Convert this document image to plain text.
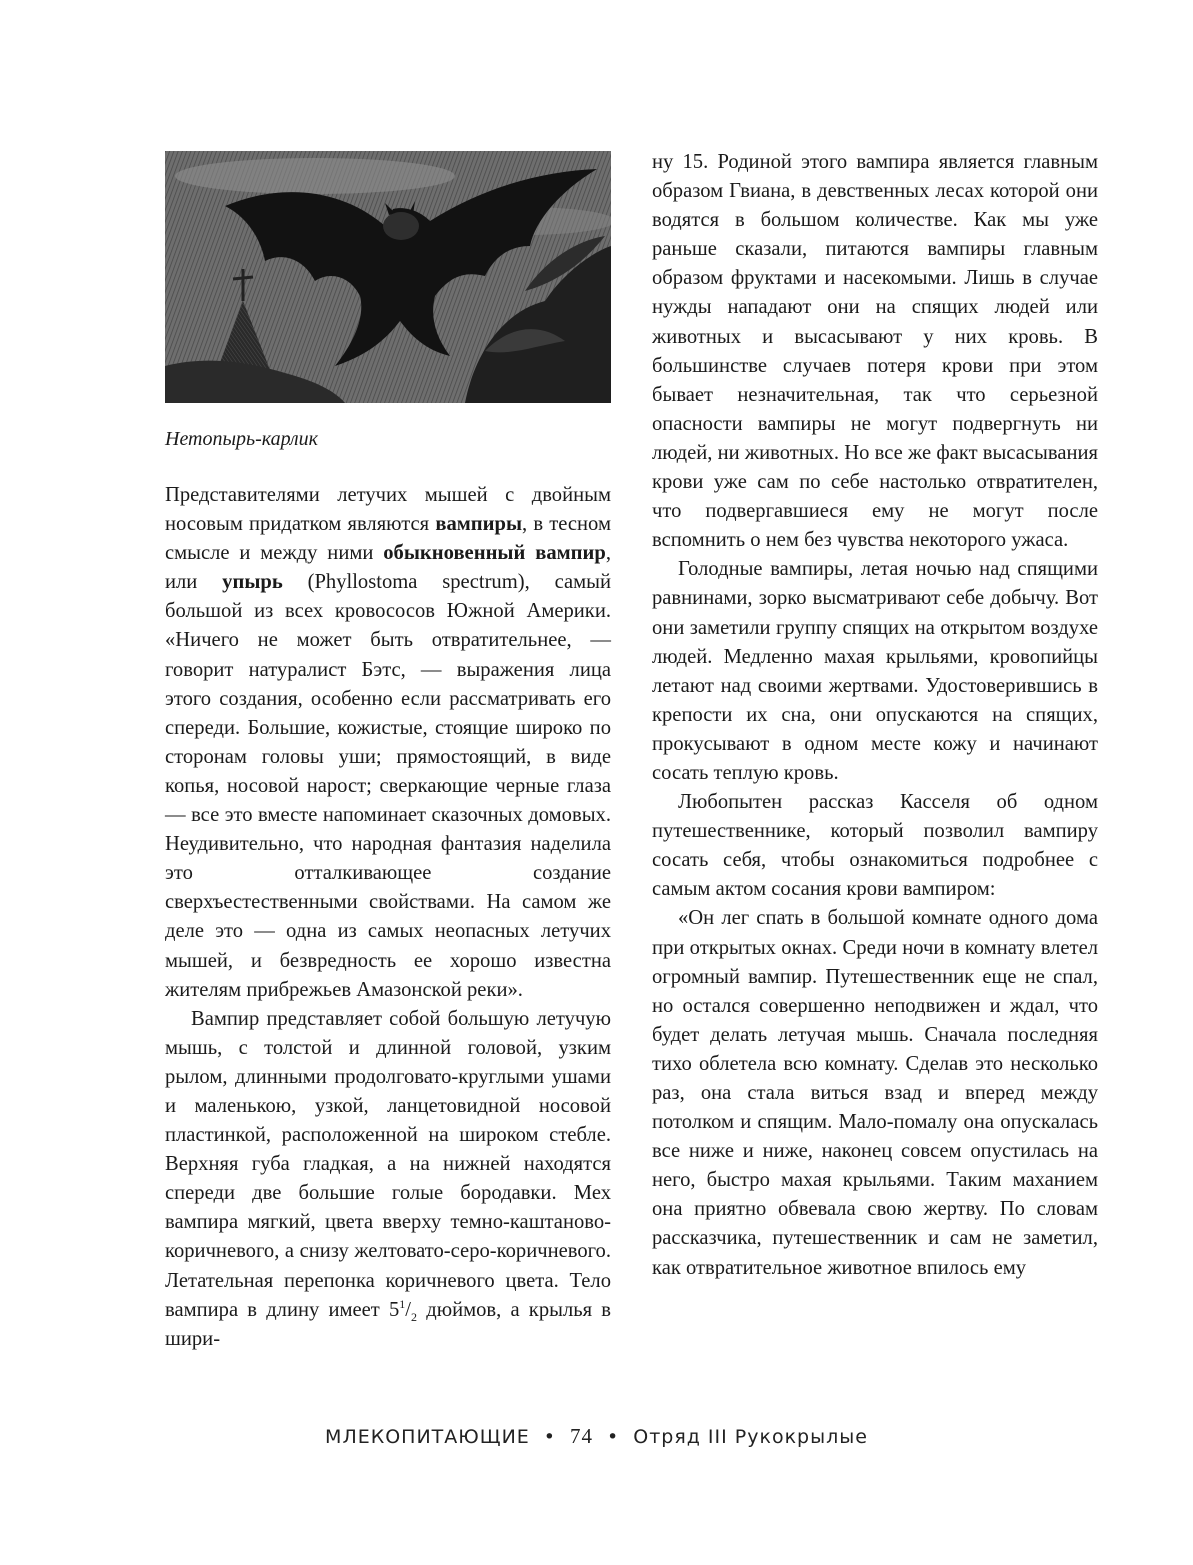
Нетопырь-карлик

Представителями летучих мышей с двойным носовым придатком являются вампиры, в тесном смысле и между ними обыкновенный вампир, или упырь (Phyllostoma spectrum), самый большой из всех кровососов Южной Америки. «Ничего не может быть отвратительнее, — говорит натуралист Бэтс, — выражения лица этого создания, особенно если рассматривать его спереди. Большие, кожистые, стоящие широко по сторонам головы уши; прямостоящий, в виде копья, носовой нарост; сверкающие черные глаза — все это вместе напоминает сказочных домовых. Неудивительно, что народная фантазия наделила это отталкивающее создание сверхъестественными свойствами. На самом же деле это — одна из самых неопасных летучих мышей, и безвредность ее хорошо известна жителям прибрежьев Амазонской реки».

Вампир представляет собой большую летучую мышь, с толстой и длинной головой, узким рылом, длинными продолговато-круглыми ушами и маленькою, узкой, ланцетовидной носовой пластинкой, расположенной на широком стебле. Верхняя губа гладкая, а на нижней находятся спереди две большие голые бородавки. Мех вампира мягкий, цвета вверху темно-каштаново-коричневого, а снизу желтовато-серо-коричневого. Летательная перепонка коричневого цвета. Тело вампира в длину имеет $5^1/_2$ дюймов, а крылья в шири-

ну 15. Родиной этого вампира является главным образом Гвиана, в девственных лесах которой они водятся в большом количестве. Как мы уже раньше сказали, питаются вампиры главным образом фруктами и насекомыми. Лишь в случае нужды нападают они на спящих людей или животных и высасывают у них кровь. В большинстве случаев потеря крови при этом бывает незначительная, так что серьезной опасности вампиры не могут подвергнуть ни людей, ни животных. Но все же факт высасывания крови уже сам по себе настолько отвратителен, что подвергавшиеся ему не могут после вспомнить о нем без чувства некоторого ужаса.

Голодные вампиры, летая ночью над спящими равнинами, зорко высматривают себе добычу. Вот они заметили группу спящих на открытом воздухе людей. Медленно махая крыльями, кровопийцы летают над своими жертвами. Удостоверившись в крепости их сна, они опускаются на спящих, прокусывают в одном месте кожу и начинают сосать теплую кровь.

Любопытен рассказ Касселя об одном путешественнике, который позволил вампиру сосать себя, чтобы ознакомиться подробнее с самым актом сосания крови вампиром:

«Он лег спать в большой комнате одного дома при открытых окнах. Среди ночи в комнату влетел огромный вампир. Путешественник еще не спал, но остался совершенно неподвижен и ждал, что будет делать летучая мышь. Сначала последняя тихо облетела всю комнату. Сделав это несколько раз, она стала виться взад и вперед между потолком и спящим. Мало-помалу она опускалась все ниже и ниже, наконец совсем опустилась на него, быстро махая крыльями. Таким маханием она приятно обвевала свою жертву. По словам рассказчика, путешественник и сам не заметил, как отвратительное животное впилось ему

МЛЕКОПИТАЮЩИЕ • 74 • Отряд III Рукокрылые
